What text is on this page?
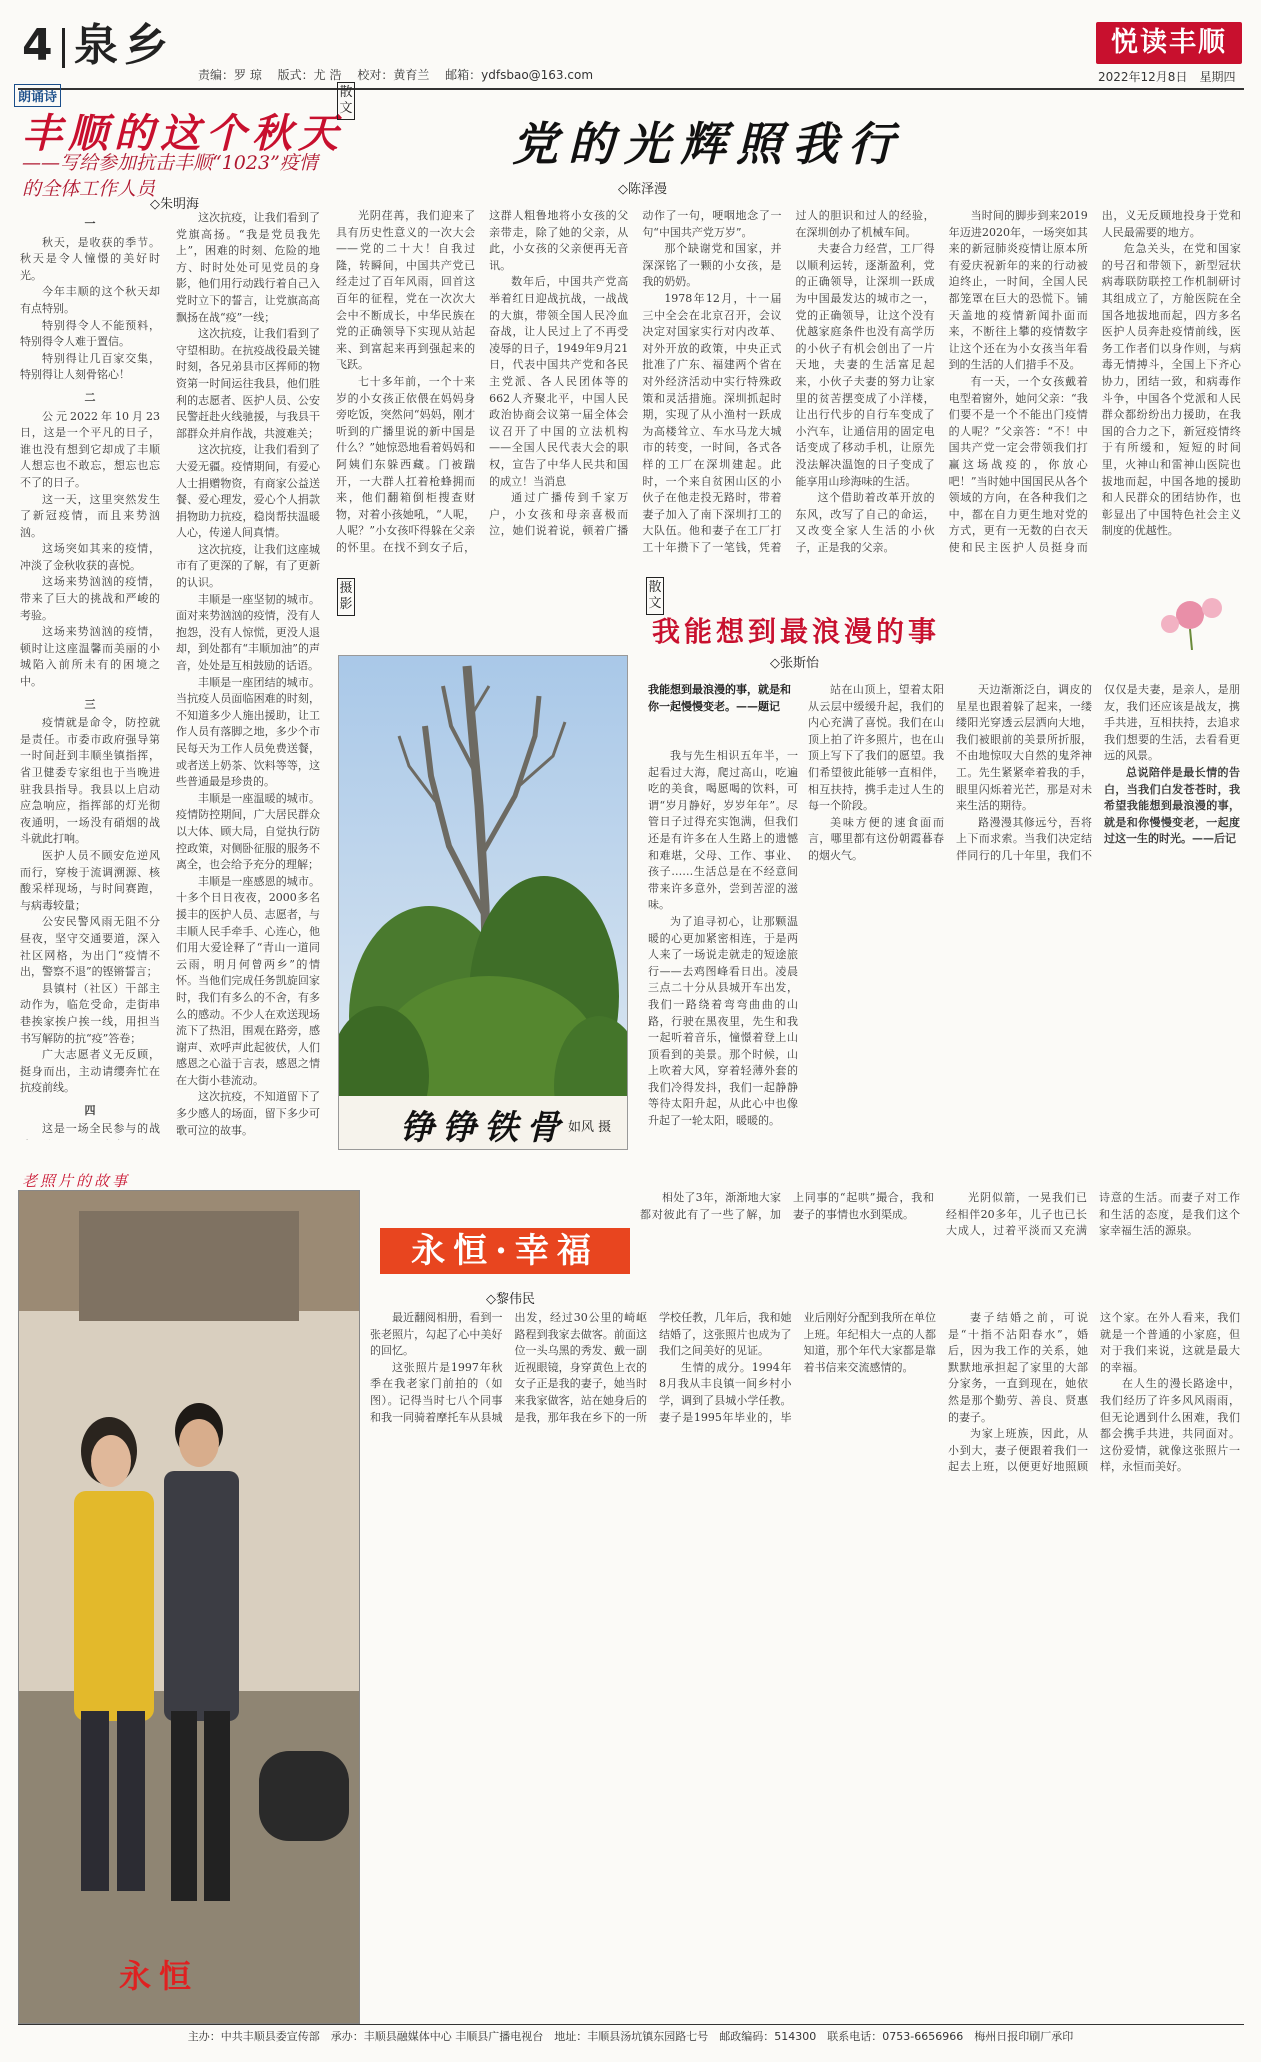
4 泉乡
责编：罗 琼 版式：尤 浩 校对：黄育兰 邮箱：ydfsbao@163.com
悦读丰顺
2022年12月8日　星期四
朗诵诗
丰顺的这个秋天
——写给参加抗击丰顺“1023”疫情的全体工作人员
◇朱明海

一

秋天，是收获的季节。秋天是令人憧憬的美好时光。

今年丰顺的这个秋天却有点特别。

特别得令人不能预料，特别得令人难于置信。

特别得让几百家交集，特别得让人刻骨铭心！

二

公元2022年10月23日，这是一个平凡的日子，谁也没有想到它却成了丰顺人想忘也不敢忘，想忘也忘不了的日子。

这一天，这里突然发生了新冠疫情，而且来势汹汹。

这场突如其来的疫情，冲淡了金秋收获的喜悦。

这场来势汹汹的疫情，带来了巨大的挑战和严峻的考验。

这场来势汹汹的疫情，顿时让这座温馨而美丽的小城陷入前所未有的困境之中。

三

疫情就是命令，防控就是责任。市委市政府强导第一时间赶到丰顺坐镇指挥，省卫健委专家组也于当晚进驻我县指导。我县以上启动应急响应，指挥部的灯光彻夜通明，一场没有硝烟的战斗就此打响。

医护人员不顾安危逆风而行，穿梭于流调溯源、核酸采样现场，与时间赛跑，与病毒较量；

公安民警风雨无阻不分昼夜，坚守交通要道，深入社区网格，为出门“疫情不出，警察不退”的铿锵誓言；

县镇村（社区）干部主动作为，临危受命，走街串巷挨家挨户挨一线，用担当书写解防的抗“疫”答卷；

广大志愿者义无反顾，挺身而出，主动请缨奔忙在抗疫前线。

四

这是一场全民参与的战

这次抗疫，让我们看到了党旗高扬。“我是党员我先上”，困难的时刻、危险的地方、时时处处可见党员的身影，他们用行动践行着自己入党时立下的誓言，让党旗高高飘扬在战“疫”一线；

这次抗疫，让我们看到了守望相助。在抗疫战役最关键时刻，各兄弟县市区挥师的物资第一时间运往我县，他们胜利的志愿者、医护人员、公安民警赶赴火线驰援，与我县干部群众并肩作战，共渡难关；

这次抗疫，让我们看到了大爱无疆。疫情期间，有爱心人士捐赠物资，有商家公益送餐、爱心理发，爱心个人捐款捐物助力抗疫，稳岗帮扶温暖人心，传递人间真情。

这次抗疫，让我们这座城市有了更深的了解，有了更新的认识。

丰顺是一座坚韧的城市。面对来势汹汹的疫情，没有人抱怨，没有人惊慌，更没人退却，到处都有“丰顺加油”的声音，处处是互相鼓励的话语。

丰顺是一座团结的城市。当抗疫人员面临困难的时刻，不知道多少人施出援助，让工作人员有落脚之地，多少个市民每天为工作人员免费送餐，或者送上奶茶、饮料等等，这些普通最是珍贵的。

丰顺是一座温暖的城市。疫情防控期间，广大居民群众以大体、顾大局，自觉执行防控政策，对侧卧征服的服务不离全，也会给予充分的理解；

丰顺是一座感恩的城市。十多个日日夜夜，2000多名援丰的医护人员、志愿者，与丰顺人民手牵手、心连心，他们用大爱诠释了“青山一道同云雨，明月何曾两乡”的情怀。当他们完成任务凯旋回家时，我们有多么的不舍，有多么的感动。不少人在欢送现场流下了热泪，围观在路旁，感谢声、欢呼声此起彼伏，人们感恩之心溢于言表，感恩之情在大街小巷流动。

这次抗疫，不知道留下了多少感人的场面，留下多少可歌可泣的故事。

散文
党的光辉照我行
◇陈泽漫

光阴荏苒，我们迎来了具有历史性意义的一次大会——党的二十大！自我过隆，转瞬间，中国共产党已经走过了百年风雨，回首这百年的征程，党在一次次大会中不断成长，中华民族在党的正确领导下实现从站起来、到富起来再到强起来的飞跃。

七十多年前，一个十来岁的小女孩正依偎在妈妈身旁吃饭，突然问“妈妈，刚才听到的广播里说的新中国是什么？”她惊恐地看着妈妈和阿姨们东躲西藏。门被踹开，一大群人扛着枪蜂拥而来，他们翻箱倒柜搜查财物，对着小孩她吼，“人呢，人呢？”小女孩吓得躲在父亲的怀里。在找不到女子后，这群人粗鲁地将小女孩的父亲带走，除了她的父亲，从此，小女孩的父亲便再无音讯。

数年后，中国共产党高举着红日迎战抗战，一战战的大旗，带领全国人民冷血奋战，让人民过上了不再受凌辱的日子，1949年9月21日，代表中国共产党和各民主党派、各人民团体等的662人齐聚北平，中国人民政治协商会议第一届全体会议召开了中国的立法机构——全国人民代表大会的职权，宣告了中华人民共和国的成立！当消息

通过广播传到千家万户，小女孩和母亲喜极而泣，她们说着说，顿着广播动作了一句，哽咽地念了一句“中国共产党万岁”。

那个缺谢党和国家，并深深铭了一颗的小女孩，是我的奶奶。

1978年12月，十一届三中全会在北京召开，会议决定对国家实行对内改革、对外开放的政策，中央正式批准了广东、福建两个省在对外经济活动中实行特殊政策和灵活措施。深圳抓起时期，实现了从小渔村一跃成为高楼耸立、车水马龙大城市的转变，一时间，各式各样的工厂在深圳建起。此时，一个来自贫困山区的小伙子在他走投无路时，带着妻子加入了南下深圳打工的大队伍。他和妻子在工厂打工十年攒下了一笔钱，凭着过人的胆识和过人的经验，在深圳创办了机械车间。

夫妻合力经营，工厂得以顺利运转，逐渐盈利，党的正确领导，让深圳一跃成为中国最发达的城市之一，党的正确领导，让这个没有优越家庭条件也没有高学历的小伙子有机会创出了一片天地，夫妻的生活富足起来，小伙子夫妻的努力让家里的贫苦摆变成了小洋楼，让出行代步的自行车变成了小汽车，让通信用的固定电话变成了移动手机，让原先没法解决温饱的日子变成了能享用山珍海味的生活。

这个借助着改革开放的东风，改写了自己的命运，又改变全家人生活的小伙子，正是我的父亲。

当时间的脚步到来2019年迈进2020年，一场突如其来的新冠肺炎疫情让原本所有爱庆祝新年的来的行动被迫终止，一时间，全国人民都笼罩在巨大的恐慌下。铺天盖地的疫情新闻扑面而来，不断往上攀的疫情数字让这个还在为小女孩当年看到的生活的人们措手不及。

有一天，一个女孩戴着电型着窗外，她问父亲：“我们要不是一个不能出门疫情的人呢？”父亲答：“不！中国共产党一定会带领我们打赢这场战疫的，你放心吧！”当时她中国国民从各个领域的方向，在各种我们之中，都在自力更生地对党的方式，更有一无数的白衣天使和民主医护人员挺身而出，义无反顾地投身于党和人民最需要的地方。

危急关头，在党和国家的号召和带领下，新型冠状病毒联防联控工作机制研讨其组成立了，方舱医院在全国各地拔地而起，四方多名医护人员奔赴疫情前线，医务工作者们以身作则，与病毒无情搏斗，全国上下齐心协力，团结一致，和病毒作斗争，中国各个党派和人民群众都纷纷出力援助，在我国的合力之下，新冠疫情终于有所缓和，短短的时间里，火神山和雷神山医院也拔地而起，中国各地的援助和人民群众的团结协作，也彰显出了中国特色社会主义制度的优越性。

摄影
铮铮铁骨 如风 摄
散文
我能想到最浪漫的事
◇张斯怡
我能想到最浪漫的事，就是和你一起慢慢变老。——题记

我与先生相识五年半，一起看过大海，爬过高山，吃遍吃的美食，喝愿喝的饮料，可谓“岁月静好，岁岁年年”。尽管日子过得充实饱满，但我们还是有许多在人生路上的遗憾和难堪，父母、工作、事业、孩子……生活总是在不经意间带来许多意外，尝到苦涩的滋味。

为了追寻初心，让那颗温暖的心更加紧密相连，于是两人来了一场说走就走的短途旅行——去鸡图峰看日出。凌晨三点二十分从县城开车出发，我们一路绕着弯弯曲曲的山路，行驶在黑夜里，先生和我一起听着音乐，憧憬着登上山顶看到的美景。那个时候，山上吹着大风，穿着轻薄外套的我们冷得发抖，我们一起静静等待太阳升起，从此心中也像升起了一轮太阳，暖暖的。

站在山顶上，望着太阳从云层中缓缓升起，我们的内心充满了喜悦。我们在山顶上拍了许多照片，也在山顶上写下了我们的愿望。我们希望彼此能够一直相伴，相互扶持，携手走过人生的每一个阶段。

美味方便的速食面而言，哪里都有这份朝霞暮春的烟火气。

天边渐渐泛白，调皮的星星也跟着躲了起来，一缕缕阳光穿透云层洒向大地，我们被眼前的美景所折服，不由地惊叹大自然的鬼斧神工。先生紧紧牵着我的手，眼里闪烁着光芒，那是对未来生活的期待。

路漫漫其修远兮，吾将上下而求索。当我们决定结伴同行的几十年里，我们不仅仅是夫妻，是亲人，是朋友，我们还应该是战友，携手共进，互相扶持，去追求我们想要的生活，去看看更远的风景。

总说陪伴是最长情的告白，当我们白发苍苍时，我希望我能想到最浪漫的事，就是和你慢慢变老，一起度过这一生的时光。——后记

老照片的故事
永恒
永恒·幸福
◇黎伟民

最近翻阅相册，看到一张老照片，勾起了心中美好的回忆。

这张照片是1997年秋季在我老家门前拍的（如图）。记得当时七八个同事和我一同骑着摩托车从县城出发，经过30公里的崎岖路程到我家去做客。前面这位一头乌黑的秀发、戴一副近视眼镜，身穿黄色上衣的女子正是我的妻子，她当时来我家做客，站在她身后的是我，那年我在乡下的一所学校任教，几年后，我和她结婚了，这张照片也成为了我们之间美好的见证。

生情的成分。1994年8月我从丰良镇一间乡村小学，调到了县城小学任教。妻子是1995年毕业的，毕业后刚好分配到我所在单位上班。年纪相大一点的人都知道，那个年代大家都是靠着书信来交流感情的。

相处了3年，渐渐地大家都对彼此有了一些了解，加上同事的“起哄”撮合，我和妻子的事情也水到渠成。

光阴似箭，一晃我们已经相伴20多年，儿子也已长大成人，过着平淡而又充满诗意的生活。而妻子对工作和生活的态度，是我们这个家幸福生活的源泉。

妻子结婚之前，可说是“十指不沾阳春水”，婚后，因为我工作的关系，她默默地承担起了家里的大部分家务，一直到现在，她依然是那个勤劳、善良、贤惠的妻子。

为家上班族，因此，从小到大，妻子便跟着我们一起去上班，以便更好地照顾这个家。在外人看来，我们就是一个普通的小家庭，但对于我们来说，这就是最大的幸福。

在人生的漫长路途中，我们经历了许多风风雨雨，但无论遇到什么困难，我们都会携手共进，共同面对。这份爱情，就像这张照片一样，永恒而美好。

主办：中共丰顺县委宣传部　承办：丰顺县融媒体中心 丰顺县广播电视台　地址：丰顺县汤坑镇东园路七号　邮政编码：514300　联系电话：0753-6656966　梅州日报印刷厂承印
